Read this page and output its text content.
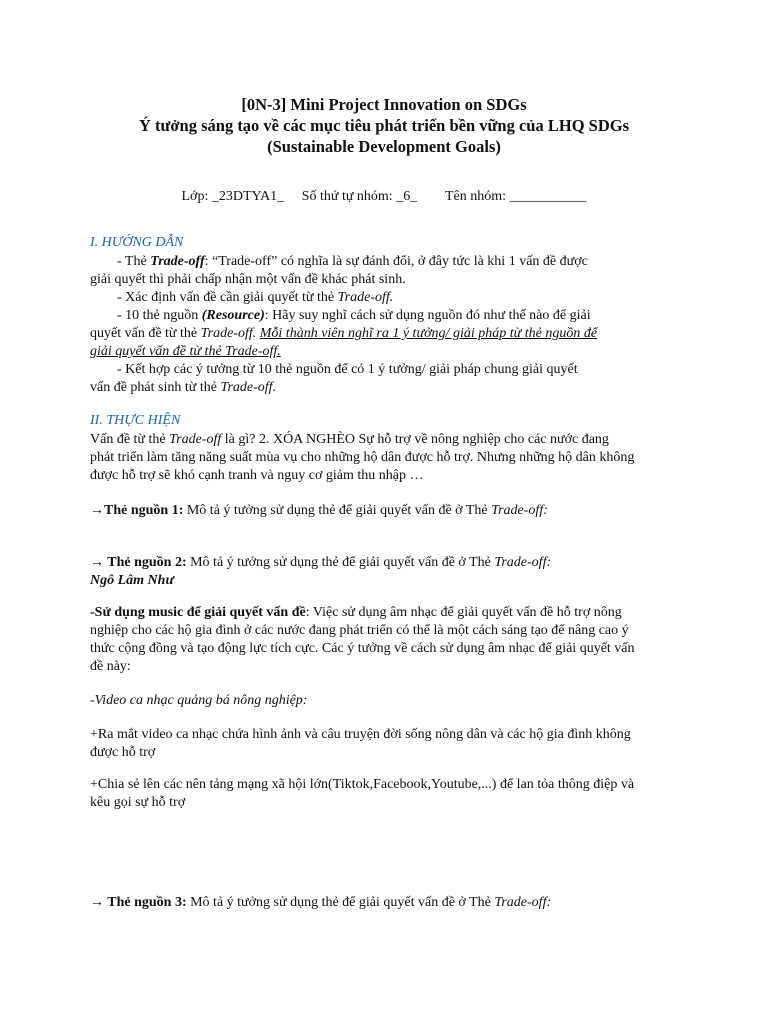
[0N-3] Mini Project Innovation on SDGs
Ý tưởng sáng tạo về các mục tiêu phát triển bền vững của LHQ SDGs
(Sustainable Development Goals)
Lớp: _23DTYA1_     Số thứ tự nhóm: _6_        Tên nhóm: ___________
I. HƯỚNG DẪN
- Thẻ Trade-off: “Trade-off” có nghĩa là sự đánh đổi, ở đây tức là khi 1 vấn đề được
giải quyết thì phải chấp nhận một vấn đề khác phát sinh.
- Xác định vấn đề cần giải quyết từ thẻ Trade-off.
- 10 thẻ nguồn (Resource): Hãy suy nghĩ cách sử dụng nguồn đó như thế nào để giải
quyết vấn đề từ thẻ Trade-off. Mỗi thành viên nghĩ ra 1 ý tưởng/ giải pháp từ thẻ nguồn để
giải quyết vấn đề từ thẻ Trade-off.
- Kết hợp các ý tưởng từ 10 thẻ nguồn để có 1 ý tưởng/ giải pháp chung giải quyết
vấn đề phát sinh từ thẻ Trade-off.
II. THỰC HIỆN
Vấn đề từ thẻ Trade-off là gì? 2. XÓA NGHÈO Sự hỗ trợ về nông nghiệp cho các nước đang
phát triển làm tăng năng suất mùa vụ cho những hộ dân được hỗ trợ. Nhưng những hộ dân không
được hỗ trợ sẽ khó cạnh tranh và nguy cơ giảm thu nhập …
→Thẻ nguồn 1: Mô tả ý tưởng sử dụng thẻ để giải quyết vấn đề ở Thẻ Trade-off:
→ Thẻ nguồn 2: Mô tả ý tưởng sử dụng thẻ để giải quyết vấn đề ở Thẻ Trade-off:
Ngô Lâm Như
-Sử dụng music để giải quyết vấn đề: Việc sử dụng âm nhạc để giải quyết vấn đề hỗ trợ nông
nghiệp cho các hộ gia đình ở các nước đang phát triển có thể là một cách sáng tạo để nâng cao ý
thức cộng đồng và tạo động lực tích cực. Các ý tưởng về cách sử dụng âm nhạc để giải quyết vấn
đề này:
-Video ca nhạc quảng bá nông nghiệp:
+Ra mắt video ca nhạc chứa hình ảnh và câu truyện đời sống nông dân và các hộ gia đình không
được hỗ trợ
+Chia sẻ lên các nên tảng mạng xã hội lớn(Tiktok,Facebook,Youtube,...) để lan tỏa thông điệp và
kêu gọi sự hỗ trợ
→ Thẻ nguồn 3: Mô tả ý tưởng sử dụng thẻ để giải quyết vấn đề ở Thẻ Trade-off:
